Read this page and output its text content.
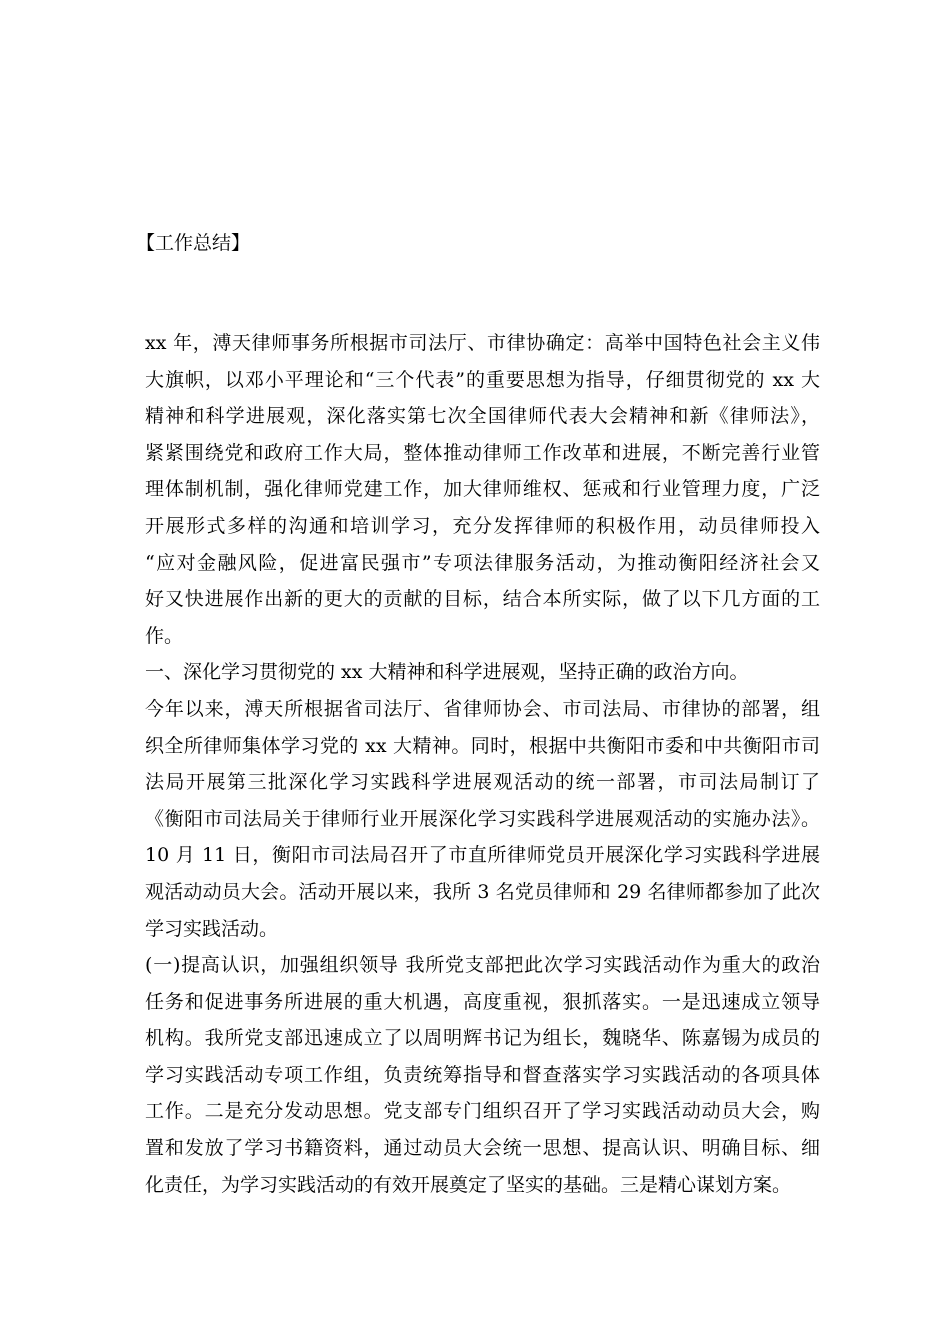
【工作总结】
xx 年，溥天律师事务所根据市司法厅、市律协确定：高举中国特色社会主义伟
大旗帜，以邓小平理论和“三个代表”的重要思想为指导，仔细贯彻党的 xx 大
精神和科学进展观，深化落实第七次全国律师代表大会精神和新《律师法》，
紧紧围绕党和政府工作大局，整体推动律师工作改革和进展，不断完善行业管
理体制机制，强化律师党建工作，加大律师维权、惩戒和行业管理力度，广泛
开展形式多样的沟通和培训学习，充分发挥律师的积极作用，动员律师投入
“应对金融风险，促进富民强市”专项法律服务活动，为推动衡阳经济社会又
好又快进展作出新的更大的贡献的目标，结合本所实际，做了以下几方面的工
作。
一、深化学习贯彻党的 xx 大精神和科学进展观，坚持正确的政治方向。
今年以来，溥天所根据省司法厅、省律师协会、市司法局、市律协的部署，组
织全所律师集体学习党的 xx 大精神。同时，根据中共衡阳市委和中共衡阳市司
法局开展第三批深化学习实践科学进展观活动的统一部署，市司法局制订了
《衡阳市司法局关于律师行业开展深化学习实践科学进展观活动的实施办法》。
10 月 11 日，衡阳市司法局召开了市直所律师党员开展深化学习实践科学进展
观活动动员大会。活动开展以来，我所 3 名党员律师和 29 名律师都参加了此次
学习实践活动。
(一)提高认识，加强组织领导 我所党支部把此次学习实践活动作为重大的政治
任务和促进事务所进展的重大机遇，高度重视，狠抓落实。一是迅速成立领导
机构。我所党支部迅速成立了以周明辉书记为组长，魏晓华、陈嘉锡为成员的
学习实践活动专项工作组，负责统筹指导和督查落实学习实践活动的各项具体
工作。二是充分发动思想。党支部专门组织召开了学习实践活动动员大会，购
置和发放了学习书籍资料，通过动员大会统一思想、提高认识、明确目标、细
化责任，为学习实践活动的有效开展奠定了坚实的基础。三是精心谋划方案。
